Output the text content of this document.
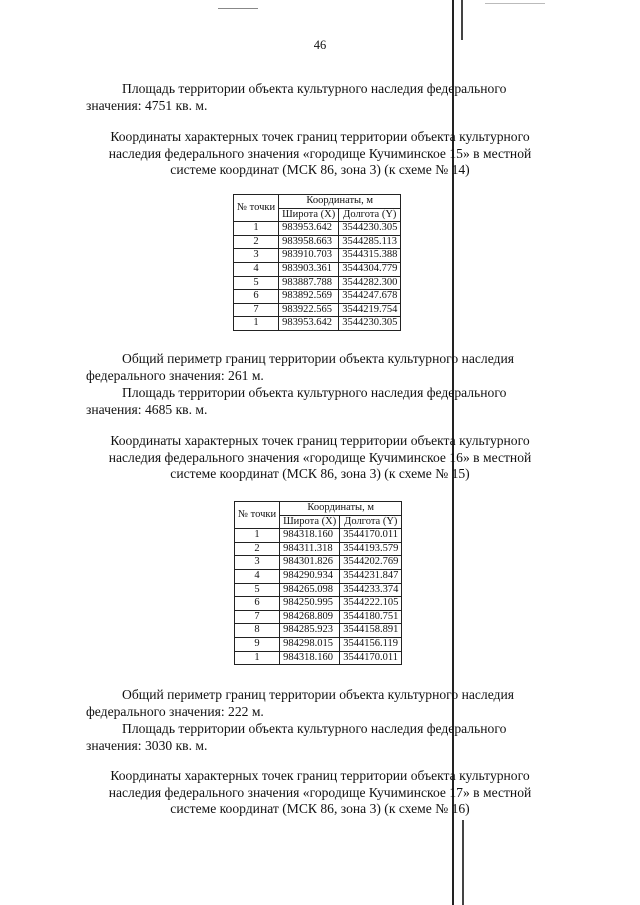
46
Площадь территории объекта культурного наследия федерального
значения: 4751 кв. м.
Координаты характерных точек границ территории объекта культурного
наследия федерального значения «городище Кучиминское 15» в местной
системе координат (МСК 86, зона 3) (к схеме № 14)
№ точки	Координаты, м	
	Широта (X)	Долгота (Y)
1	983953.642	3544230.305
2	983958.663	3544285.113
3	983910.703	3544315.388
4	983903.361	3544304.779
5	983887.788	3544282.300
6	983892.569	3544247.678
7	983922.565	3544219.754
1	983953.642	3544230.305
Общий периметр границ территории объекта культурного наследия
федерального значения: 261 м.
Площадь территории объекта культурного наследия федерального
значения: 4685 кв. м.
Координаты характерных точек границ территории объекта культурного
наследия федерального значения «городище Кучиминское 16» в местной
системе координат (МСК 86, зона 3) (к схеме № 15)
№ точки	Координаты, м	
	Широта (X)	Долгота (Y)
1	984318.160	3544170.011
2	984311.318	3544193.579
3	984301.826	3544202.769
4	984290.934	3544231.847
5	984265.098	3544233.374
6	984250.995	3544222.105
7	984268.809	3544180.751
8	984285.923	3544158.891
9	984298.015	3544156.119
1	984318.160	3544170.011
Общий периметр границ территории объекта культурного наследия
федерального значения: 222 м.
Площадь территории объекта культурного наследия федерального
значения: 3030 кв. м.
Координаты характерных точек границ территории объекта культурного
наследия федерального значения «городище Кучиминское 17» в местной
системе координат (МСК 86, зона 3) (к схеме № 16)
